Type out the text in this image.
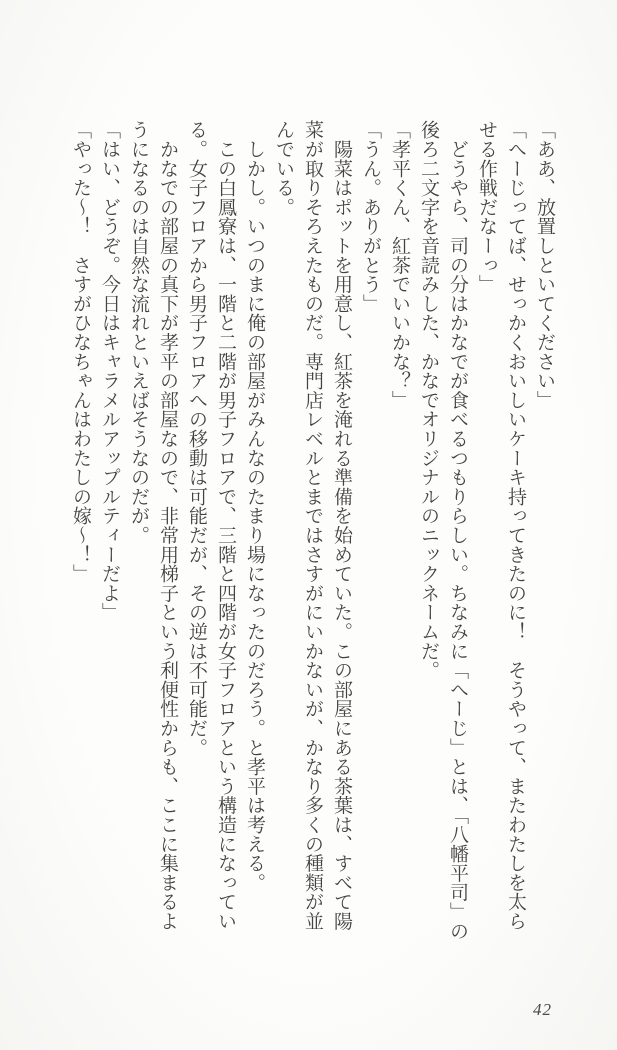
「ああ、放置しといてください」
「へーじってば、せっかくおいしいケーキ持ってきたのに！　そうやって、またわたしを太ら
せる作戦だなーっ」
　どうやら、司の分はかなでが食べるつもりらしい。ちなみに「へーじ」とは、「八幡平司」の
後ろ二文字を音読みした、かなでオリジナルのニックネームだ。
「孝平くん、紅茶でいいかな？」
「うん。ありがとう」
　陽菜はポットを用意し、紅茶を淹れる準備を始めていた。この部屋にある茶葉は、すべて陽
菜が取りそろえたものだ。専門店レベルとまではさすがにいかないが、かなり多くの種類が並
んでいる。
　しかし。いつのまに俺の部屋がみんなのたまり場になったのだろう。と孝平は考える。
　この白鳳寮は、一階と二階が男子フロアで、三階と四階が女子フロアという構造になってい
る。女子フロアから男子フロアへの移動は可能だが、その逆は不可能だ。
　かなでの部屋の真下が孝平の部屋なので、非常用梯子という利便性からも、ここに集まるよ
うになるのは自然な流れといえばそうなのだが。
「はい、どうぞ。今日はキャラメルアップルティーだよ」
「やった〜！　さすがひなちゃんはわたしの嫁〜！」
42
